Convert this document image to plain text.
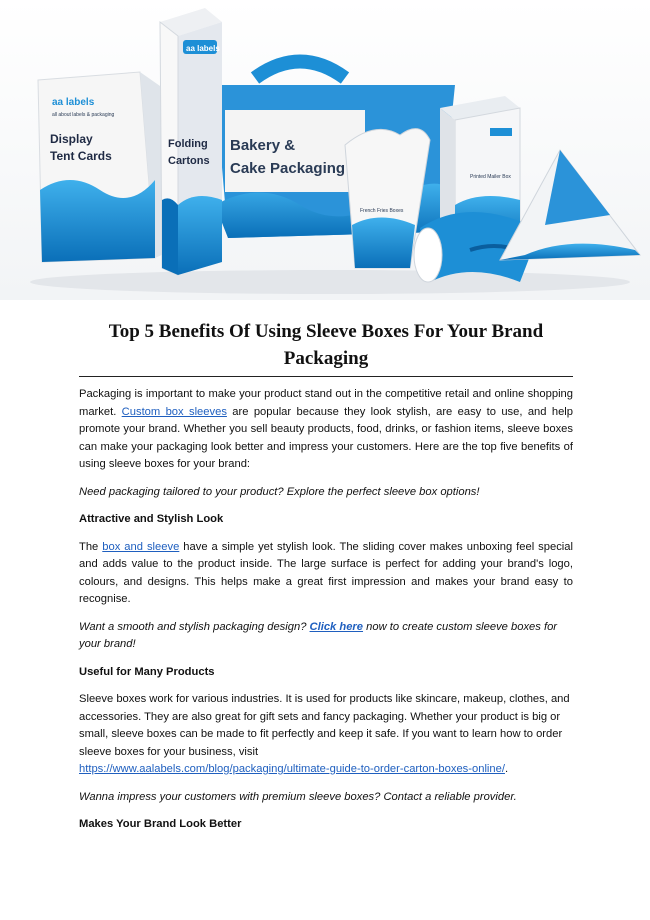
Bakery &
Cake Packaging
aa labels
all about labels & packaging
Display
Tent Cards
aa labels
Folding
Cartons
French Fries Boxes
Printed Mailer Box
Top 5 Benefits Of Using Sleeve Boxes For Your Brand
Packaging

Packaging is important to make your product stand out in the competitive retail and online shopping market. Custom box sleeves are popular because they look stylish, are easy to use, and help promote your brand. Whether you sell beauty products, food, drinks, or fashion items, sleeve boxes can make your packaging look better and impress your customers. Here are the top five benefits of using sleeve boxes for your brand:

Need packaging tailored to your product? Explore the perfect sleeve box options!

Attractive and Stylish Look

The box and sleeve have a simple yet stylish look. The sliding cover makes unboxing feel special and adds value to the product inside. The large surface is perfect for adding your brand's logo, colours, and designs. This helps make a great first impression and makes your brand easy to recognise.

Want a smooth and stylish packaging design? Click here now to create custom sleeve boxes for your brand!

Useful for Many Products

Sleeve boxes work for various industries. It is used for products like skincare, makeup, clothes, and accessories. They are also great for gift sets and fancy packaging. Whether your product is big or small, sleeve boxes can be made to fit perfectly and keep it safe. If you want to learn how to order sleeve boxes for your business, visit
https://www.aalabels.com/blog/packaging/ultimate-guide-to-order-carton-boxes-online/.

Wanna impress your customers with premium sleeve boxes? Contact a reliable provider.

Makes Your Brand Look Better
